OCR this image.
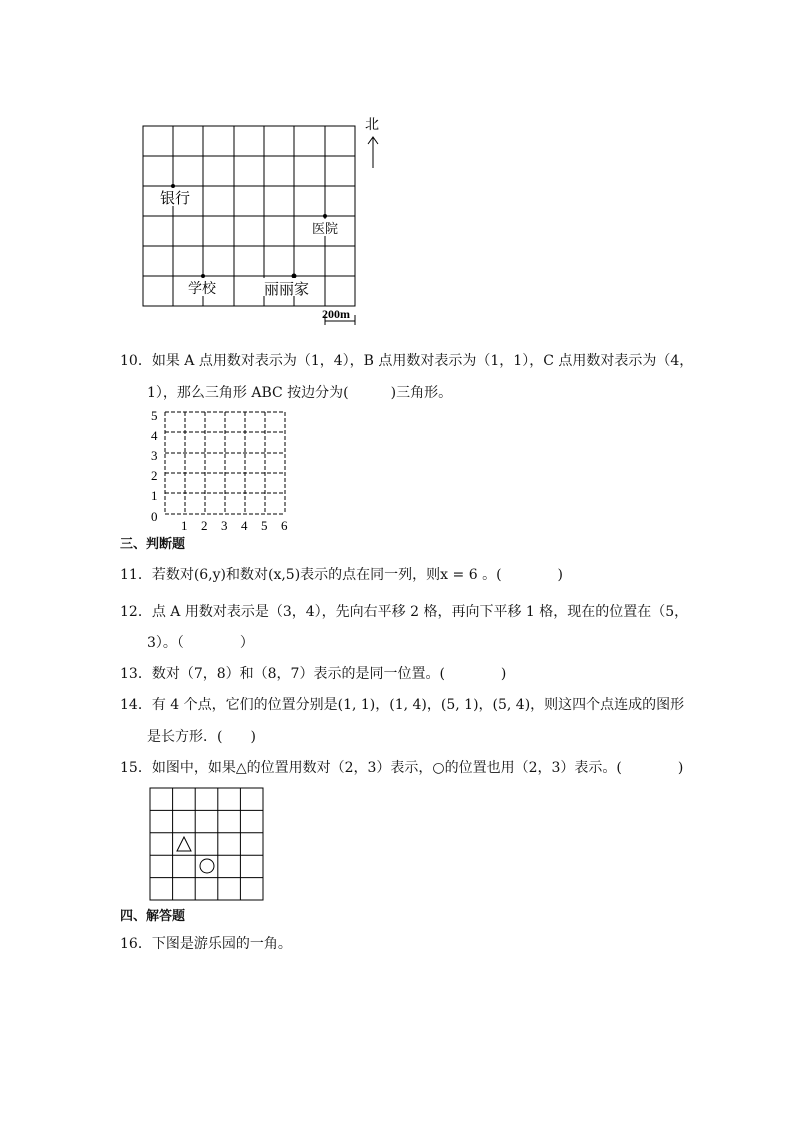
银行
医院
学校	丽丽家
北
200m
10．如果 A 点用数对表示为（1，4），B 点用数对表示为（1，1），C 点用数对表示为（4，
1），那么三角形 ABC 按边分为(　　　)三角形。
5
4
3
2
1
0
1 2 3 4 5 6
三、判断题
11．若数对(6,y)和数对(x,5)表示的点在同一列，则x = 6 。(　　　　)
12．点 A 用数对表示是（3，4），先向右平移 2 格，再向下平移 1 格，现在的位置在（5，
3）。（　　　　）
13．数对（7，8）和（8，7）表示的是同一位置。(　　　　)
14．有 4 个点，它们的位置分别是(1, 1)，(1, 4)，(5, 1)，(5, 4)，则这四个点连成的图形
是长方形．(　　)
15．如图中，如果△的位置用数对（2，3）表示，○的位置也用（2，3）表示。(　　　　)
四、解答题
16．下图是游乐园的一角。
